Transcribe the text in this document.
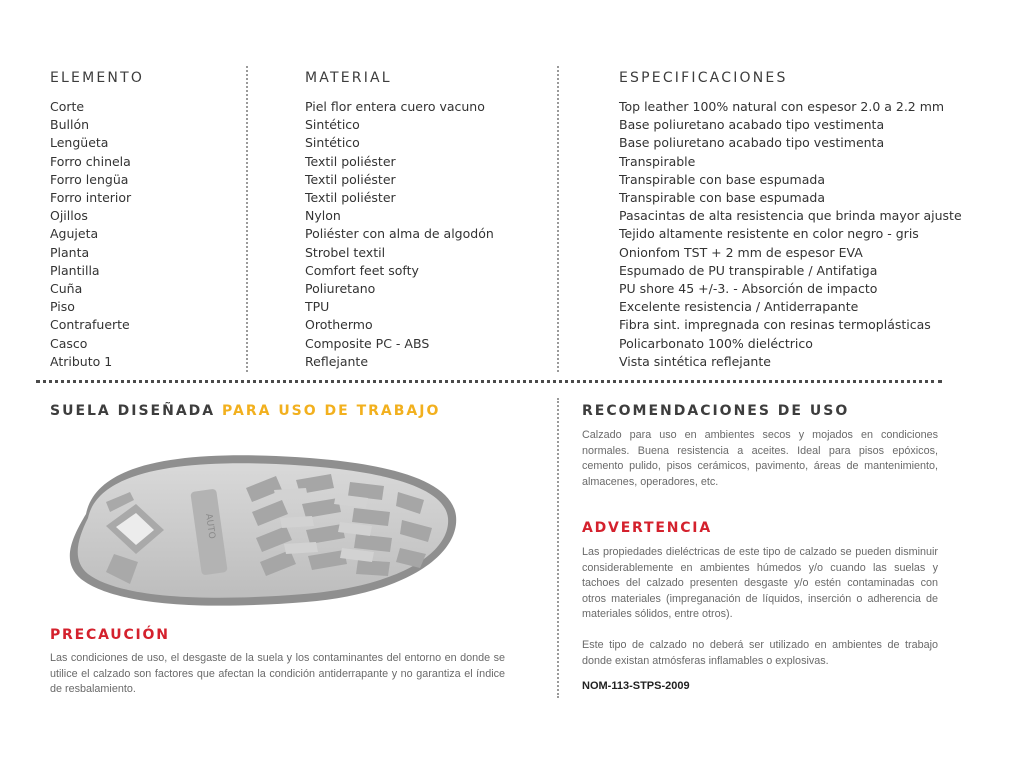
ELEMENTO	MATERIAL	ESPECIFICACIONES
Corte
Bullón
Lengüeta
Forro chinela
Forro lengüa
Forro interior
Ojillos
Agujeta
Planta
Plantilla
Cuña
Piso
Contrafuerte
Casco
Atributo 1
Piel flor entera cuero vacuno
Sintético
Sintético
Textil poliéster
Textil poliéster
Textil poliéster
Nylon
Poliéster con alma de algodón
Strobel textil
Comfort feet softy
Poliuretano
TPU
Orothermo
Composite PC - ABS
Reflejante
Top leather 100% natural con espesor 2.0 a 2.2 mm
Base poliuretano acabado tipo vestimenta
Base poliuretano acabado tipo vestimenta
Transpirable
Transpirable con base espumada
Transpirable con base espumada
Pasacintas de alta resistencia que brinda mayor ajuste
Tejido altamente resistente en color negro - gris
Onionfom TST + 2 mm de espesor EVA
Espumado de PU transpirable / Antifatiga
PU shore 45 +/-3. - Absorción de impacto
Excelente resistencia / Antiderrapante
Fibra sint. impregnada con resinas termoplásticas
Policarbonato 100% dieléctrico
Vista sintética reflejante
SUELA DISEÑADA PARA USO DE TRABAJO
AUTO
PRECAUCIÓN
Las condiciones de uso, el desgaste de la suela y los contaminantes del entorno en donde se utilice el calzado son factores que afectan la condición antiderrapante y no garantiza el índice de resbalamiento.
RECOMENDACIONES DE USO
Calzado para uso en ambientes secos y mojados en condiciones normales. Buena resistencia a aceites. Ideal para pisos epóxicos, cemento pulido, pisos cerámicos, pavimento, áreas de mantenimiento, almacenes, operadores, etc.
ADVERTENCIA
Las propiedades dieléctricas de este tipo de calzado se pueden disminuir considerablemente en ambientes húmedos y/o cuando las suelas y tachoes del calzado presenten desgaste y/o estén contaminadas con otros materiales (impreganación de líquidos, inserción o adherencia de materiales sólidos, entre otros).
Este tipo de calzado no deberá ser utilizado en ambientes de trabajo donde existan atmósferas inflamables o explosivas.
NOM-113-STPS-2009
